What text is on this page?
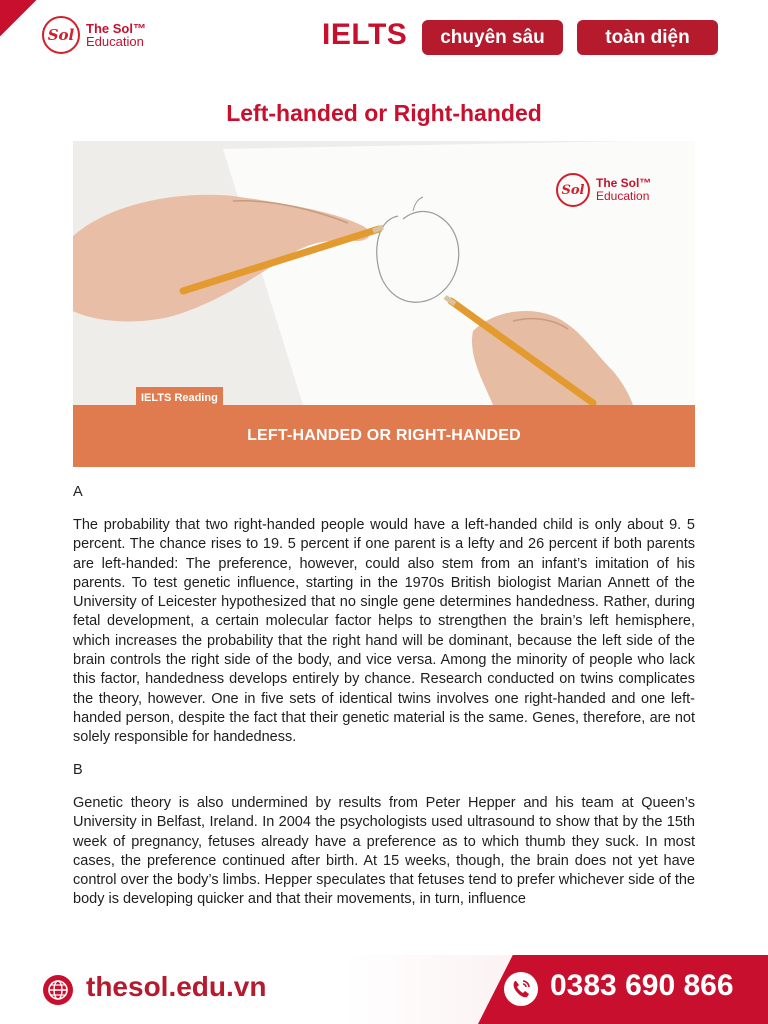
Sol The Sol™
Education	IELTS	chuyên sâu	toàn diện
Left-handed or Right-handed
Sol The Sol™
Education
IELTS Reading
LEFT-HANDED OR RIGHT-HANDED
A

The probability that two right-handed people would have a left-handed child is only about 9. 5 percent. The chance rises to 19. 5 percent if one parent is a lefty and 26 percent if both parents are left-handed: The preference, however, could also stem from an infant’s imitation of his parents. To test genetic influence, starting in the 1970s British biologist Marian Annett of the University of Leicester hypothesized that no single gene determines handedness. Rather, during fetal development, a certain molecular factor helps to strengthen the brain’s left hemisphere, which increases the probability that the right hand will be dominant, because the left side of the brain controls the right side of the body, and vice versa. Among the minority of people who lack this factor, handedness develops entirely by chance. Research conducted on twins complicates the theory, however. One in five sets of identical twins involves one right-handed and one left-handed person, despite the fact that their genetic material is the same. Genes, therefore, are not solely responsible for handedness.

B

Genetic theory is also undermined by results from Peter Hepper and his team at Queen’s University in Belfast, Ireland. In 2004 the psychologists used ultrasound to show that by the 15th week of pregnancy, fetuses already have a preference as to which thumb they suck. In most cases, the preference continued after birth. At 15 weeks, though, the brain does not yet have control over the body’s limbs. Hepper speculates that fetuses tend to prefer whichever side of the body is developing quicker and that their movements, in turn, influence

thesol.edu.vn	0383 690 866
